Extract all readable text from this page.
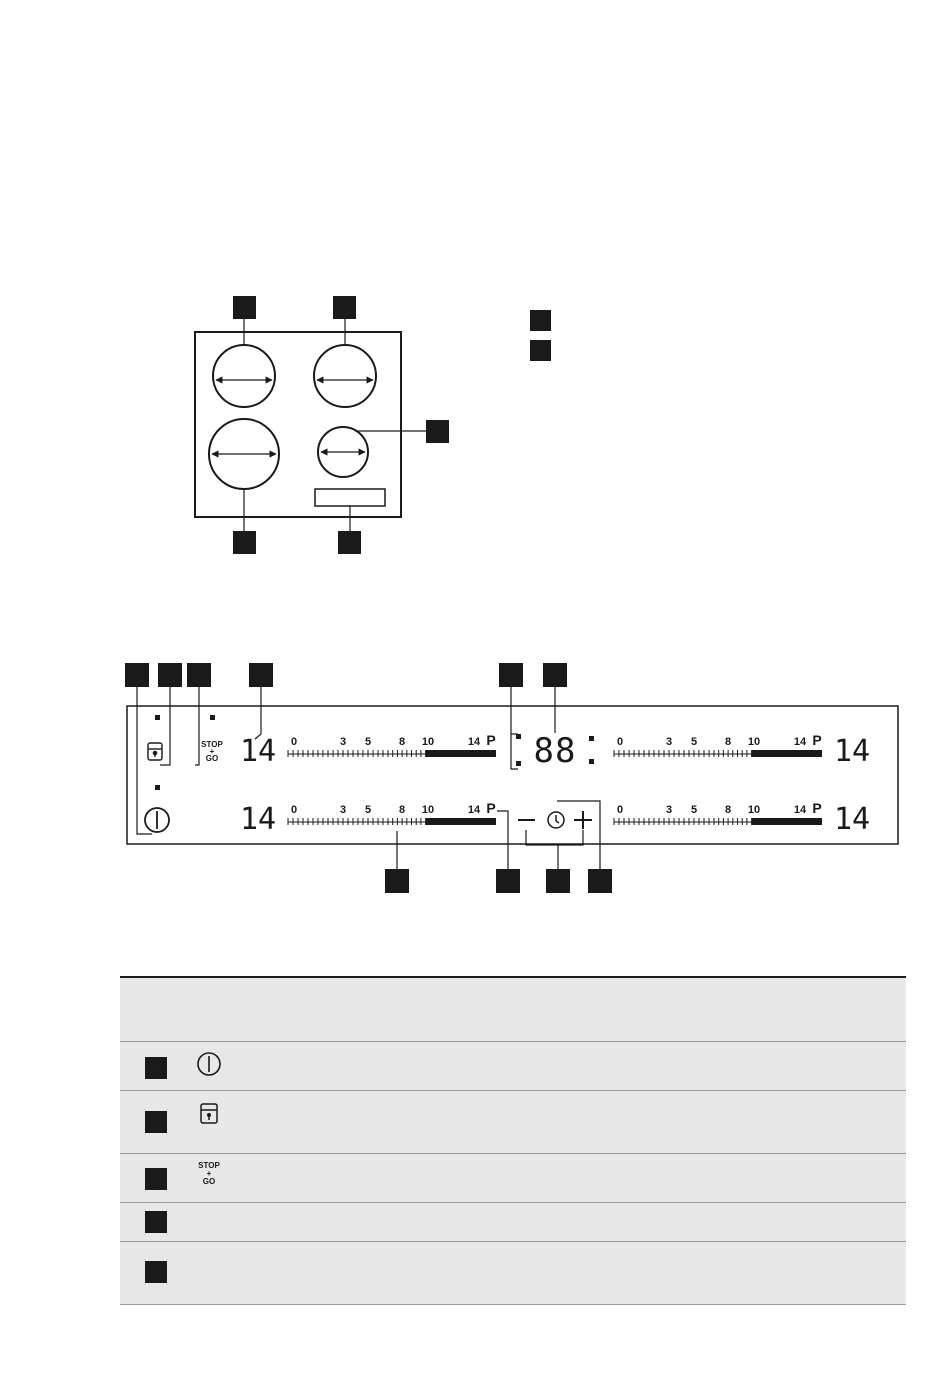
STOP
+
GO	88
0	3 5	8 10	14 P
14	0	3 5	8 10	14 P 14
0	3 5	8 10	14 P
14	0	3 5	8 10	14 P 14
STOP
+
GO
